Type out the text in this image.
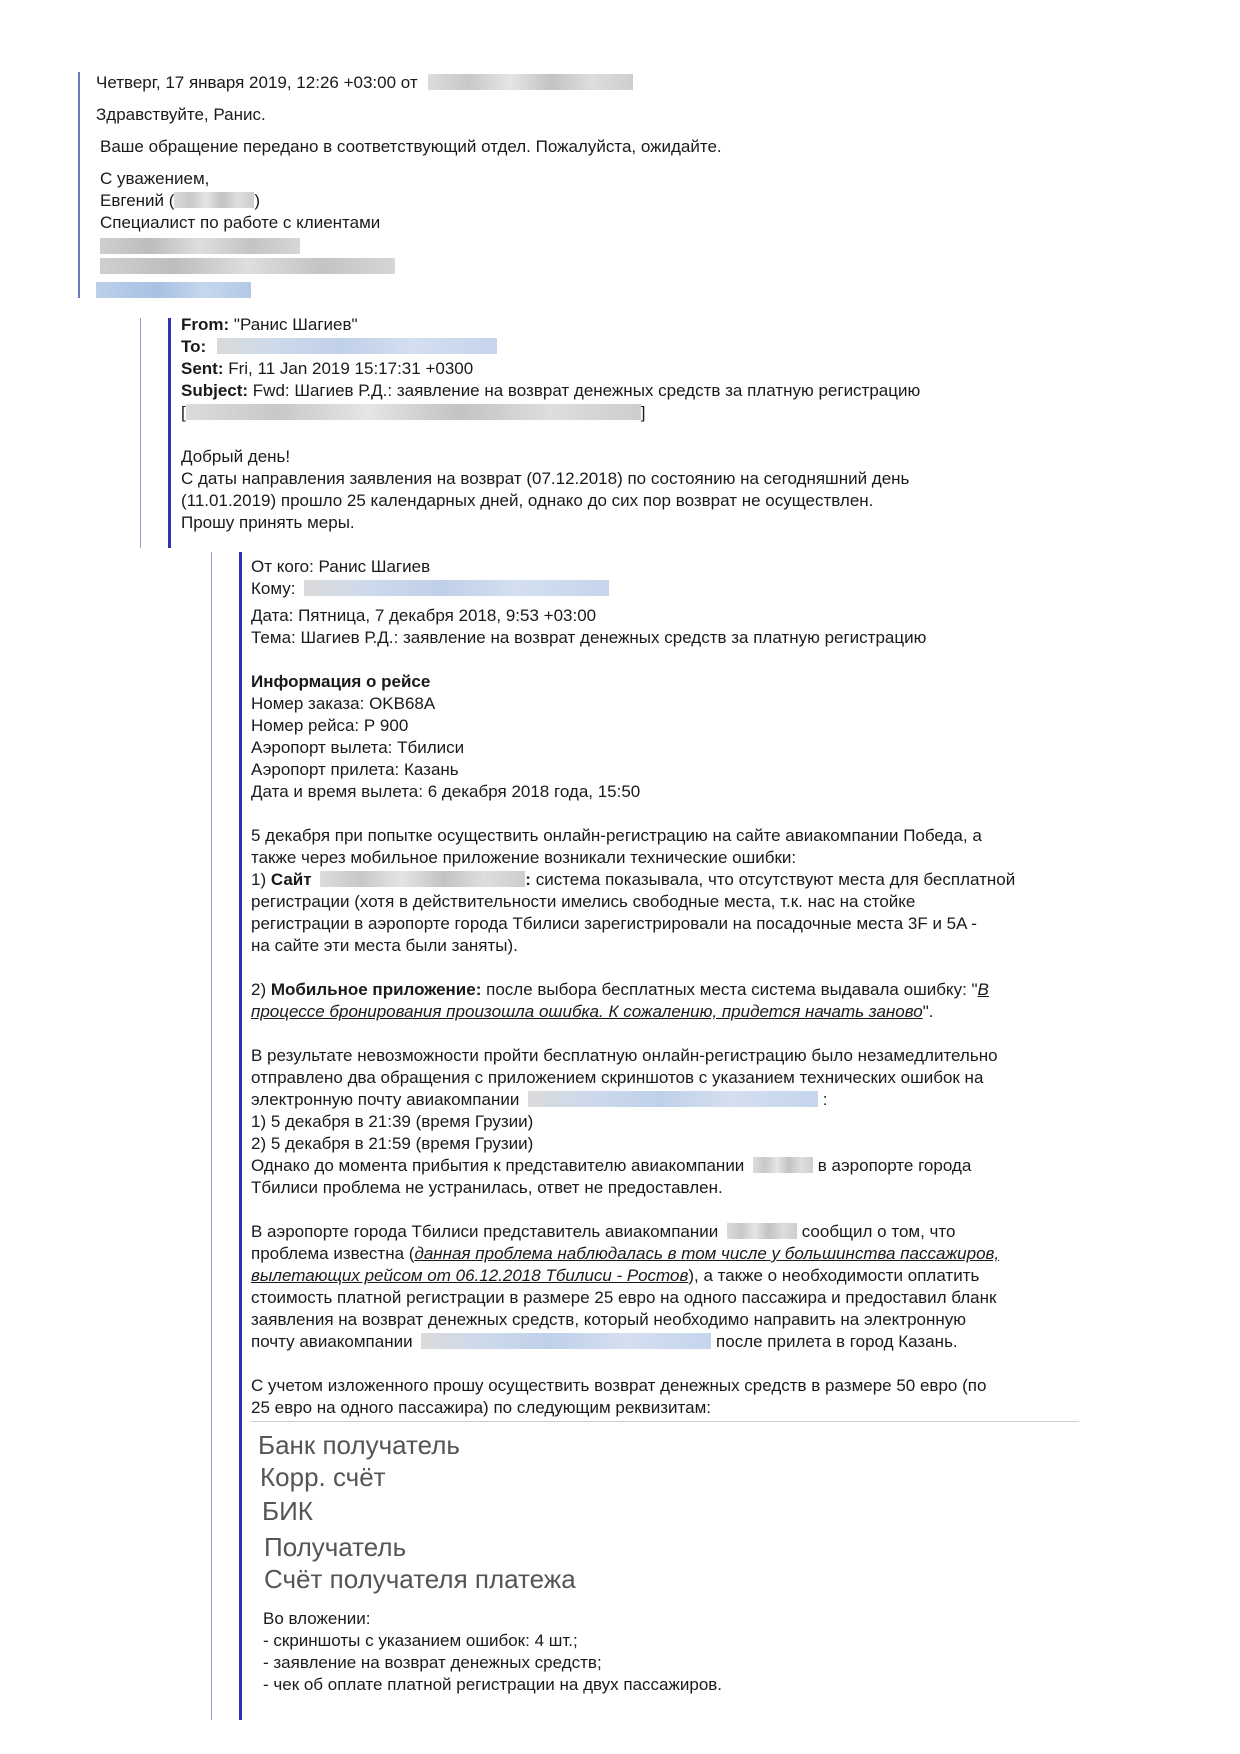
Четверг, 17 января 2019, 12:26 +03:00 от
Здравствуйте, Ранис.
Ваше обращение передано в соответствующий отдел. Пожалуйста, ожидайте.
С уважением,
Евгений (	)
Специалист по работе с клиентами
From: "Ранис Шагиев"
To:
Sent: Fri, 11 Jan 2019 15:17:31 +0300
Subject: Fwd: Шагиев Р.Д.: заявление на возврат денежных средств за платную регистрацию
[	]
Добрый день!
С даты направления заявления на возврат (07.12.2018) по состоянию на сегодняшний день
(11.01.2019) прошло 25 календарных дней, однако до сих пор возврат не осуществлен.
Прошу принять меры.
От кого: Ранис Шагиев
Кому:
Дата: Пятница, 7 декабря 2018, 9:53 +03:00
Тема: Шагиев Р.Д.: заявление на возврат денежных средств за платную регистрацию
Информация о рейсе
Номер заказа: OKB68A
Номер рейса: Р 900
Аэропорт вылета: Тбилиси
Аэропорт прилета: Казань
Дата и время вылета: 6 декабря 2018 года, 15:50
5 декабря при попытке осуществить онлайн-регистрацию на сайте авиакомпании Победа, а
также через мобильное приложение возникали технические ошибки:
1) Сайт	: система показывала, что отсутствуют места для бесплатной
регистрации (хотя в действительности имелись свободные места, т.к. нас на стойке
регистрации в аэропорте города Тбилиси зарегистрировали на посадочные места 3F и 5A -
на сайте эти места были заняты).
2) Мобильное приложение: после выбора бесплатных места система выдавала ошибку: "В
процессе бронирования произошла ошибка. К сожалению, придется начать заново".
В результате невозможности пройти бесплатную онлайн-регистрацию было незамедлительно
отправлено два обращения с приложением скриншотов с указанием технических ошибок на
электронную почту авиакомпании	:
1) 5 декабря в 21:39 (время Грузии)
2) 5 декабря в 21:59 (время Грузии)
Однако до момента прибытия к представителю авиакомпании	в аэропорте города
Тбилиси проблема не устранилась, ответ не предоставлен.
В аэропорте города Тбилиси представитель авиакомпании	сообщил о том, что
проблема известна (данная проблема наблюдалась в том числе у большинства пассажиров,
вылетающих рейсом от 06.12.2018 Тбилиси - Ростов), а также о необходимости оплатить
стоимость платной регистрации в размере 25 евро на одного пассажира и предоставил бланк
заявления на возврат денежных средств, который необходимо направить на электронную
почту авиакомпании	после прилета в город Казань.
С учетом изложенного прошу осуществить возврат денежных средств в размере 50 евро (по
25 евро на одного пассажира) по следующим реквизитам:
Банк получатель
Корр. счёт
БИК
Получатель
Счёт получателя платежа
Во вложении:
- скриншоты с указанием ошибок: 4 шт.;
- заявление на возврат денежных средств;
- чек об оплате платной регистрации на двух пассажиров.
